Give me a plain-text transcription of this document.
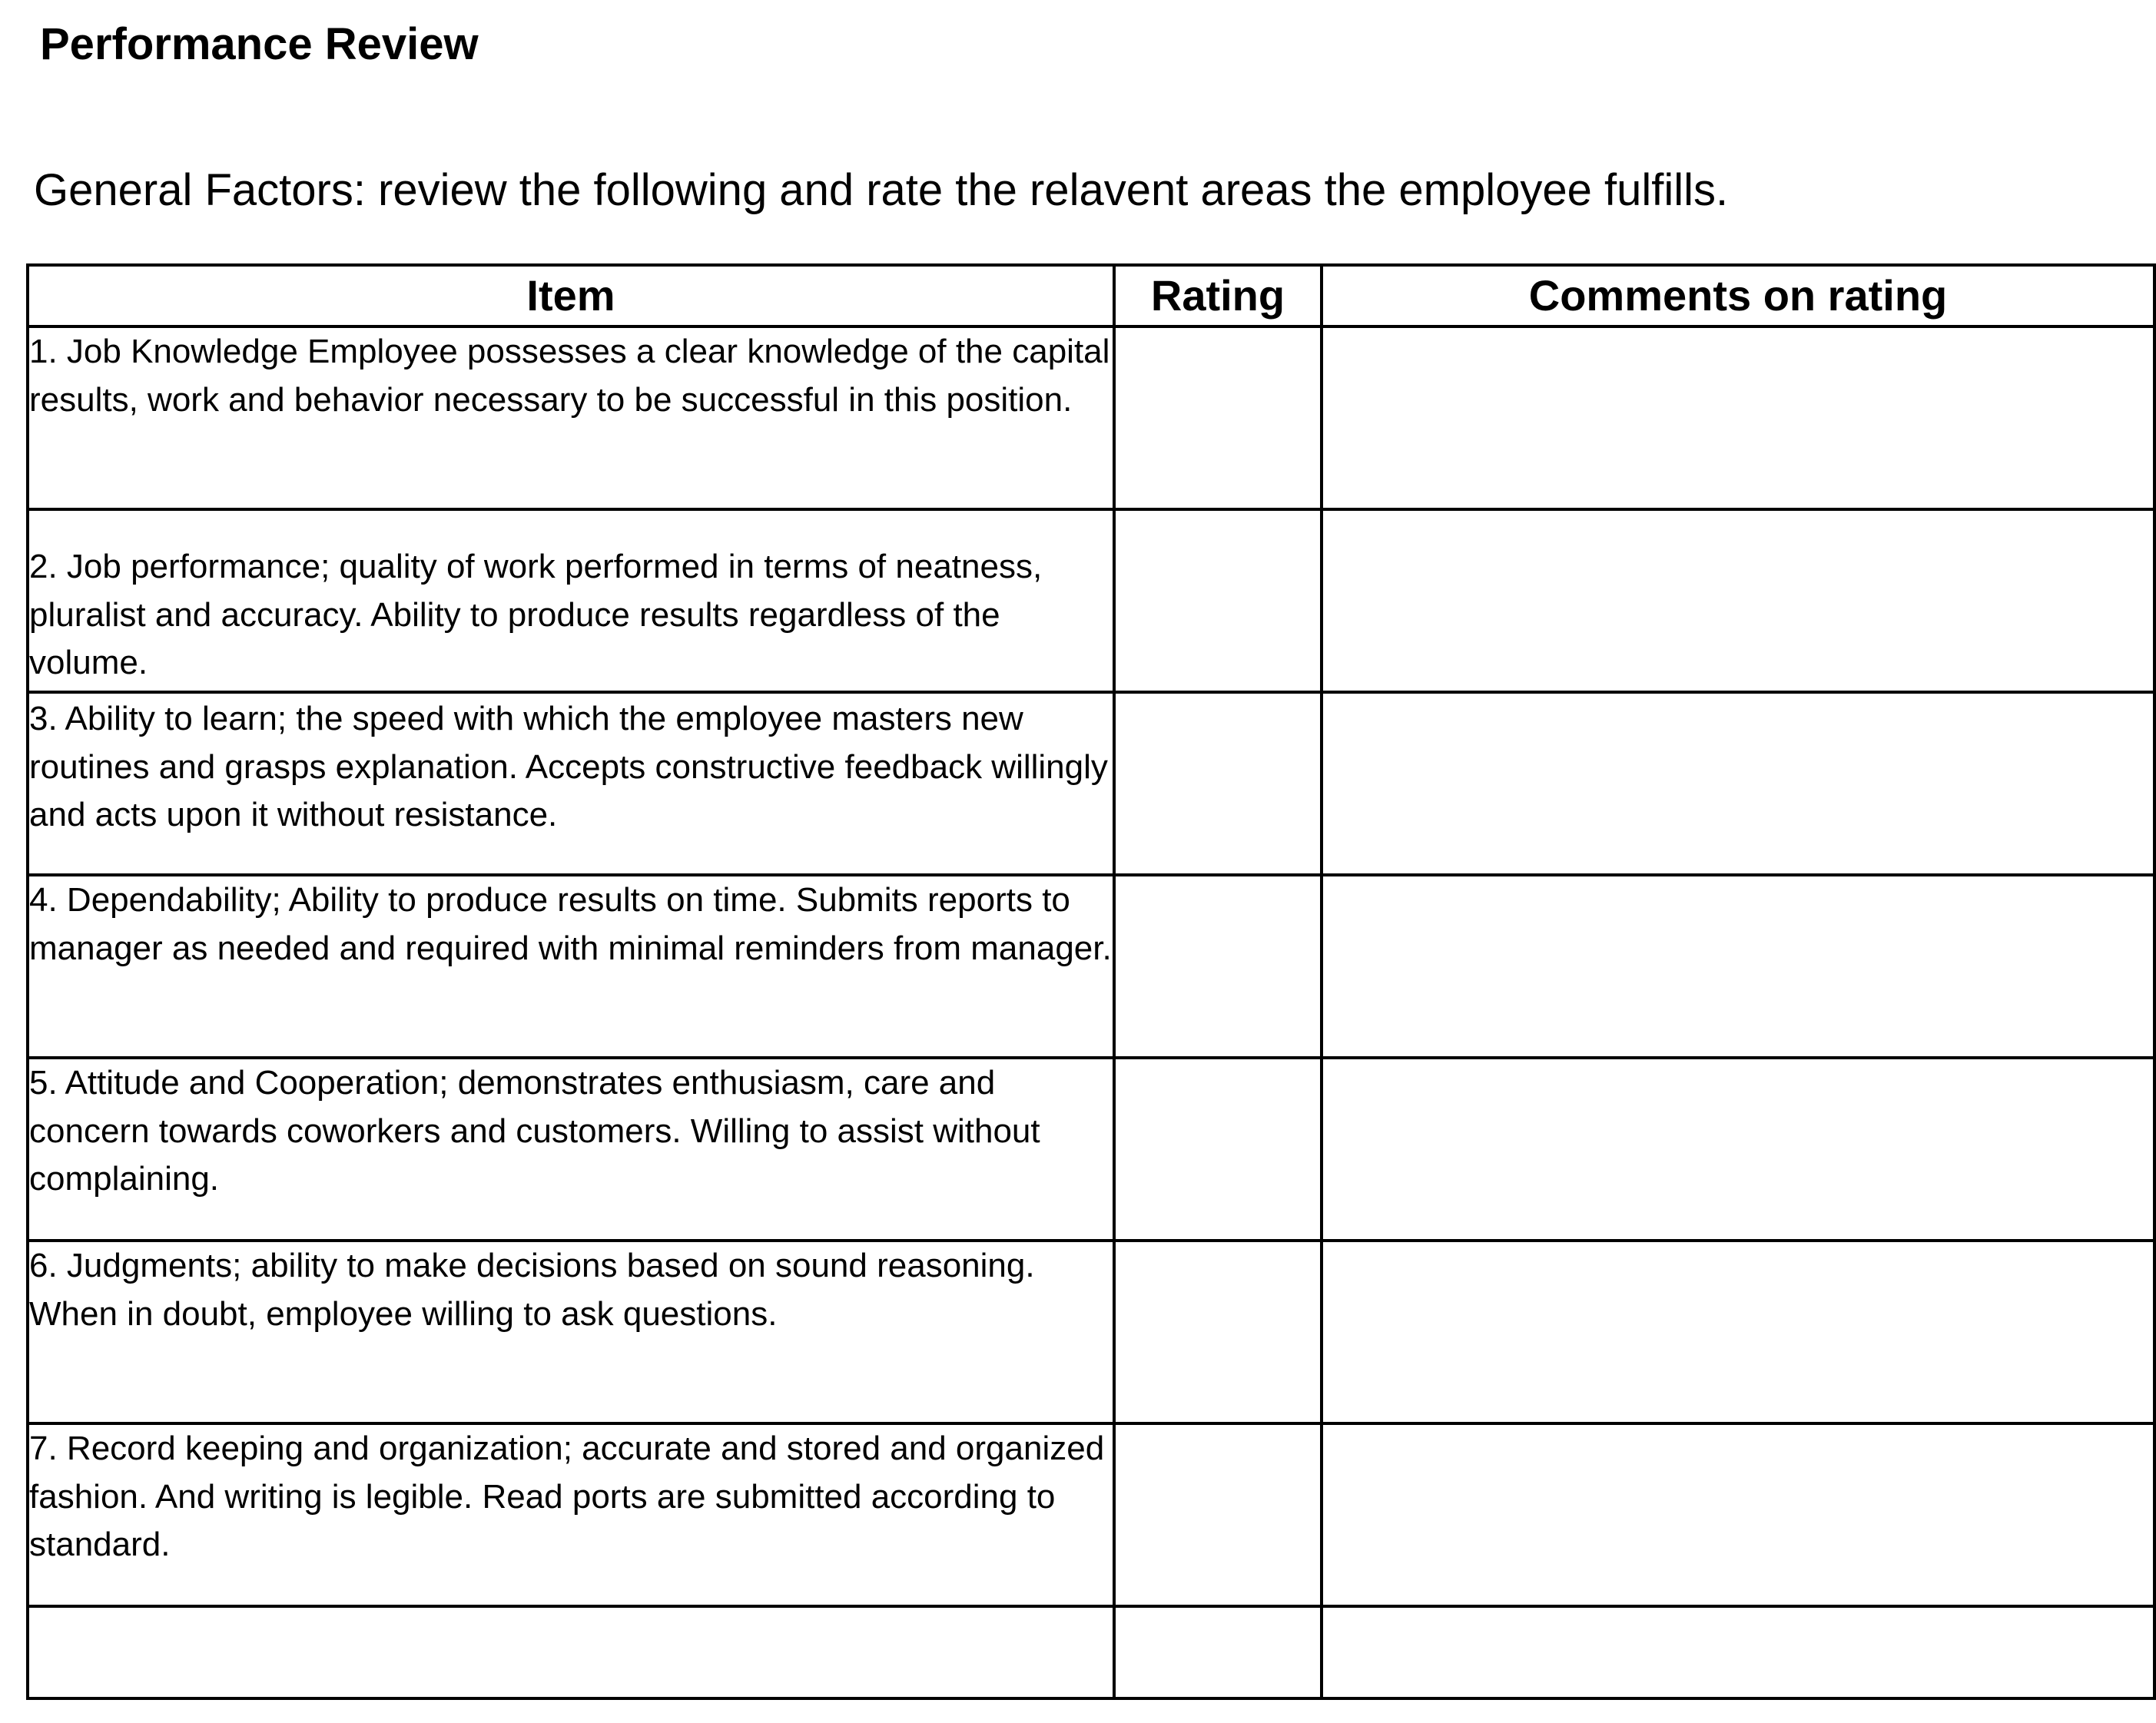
Performance Review
General Factors: review the following and rate the relavent areas the employee fulfills.
Item	Rating	Comments on rating

1. Job Knowledge Employee possesses a clear knowledge of the capital results, work and behavior necessary to be successful in this position.		

2. Job performance; quality of work performed in terms of neatness, pluralist and accuracy. Ability to produce results regardless of the volume.		

3. Ability to learn; the speed with which the employee masters new routines and grasps explanation. Accepts constructive feedback willingly and acts upon it without resistance.		

4. Dependability; Ability to produce results on time. Submits reports to manager as needed and required with minimal reminders from manager.		

5. Attitude and Cooperation; demonstrates enthusiasm, care and concern towards coworkers and customers. Willing to assist without complaining.		

6. Judgments; ability to make decisions based on sound reasoning. When in doubt, employee willing to ask questions.		

7. Record keeping and organization; accurate and stored and organized fashion. And writing is legible. Read ports are submitted according to standard.		
